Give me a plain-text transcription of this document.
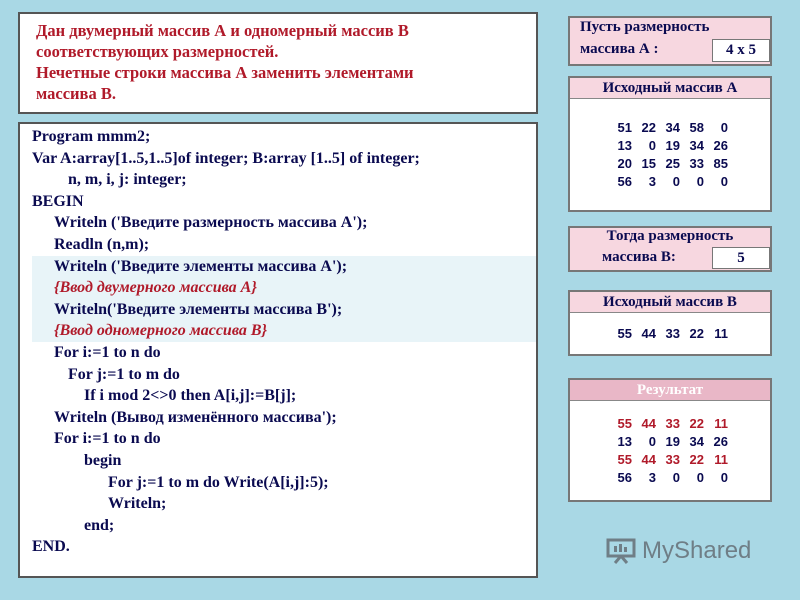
Дан двумерный массив А и одномерный массив В
соответствующих размерностей.
Нечетные строки массива А заменить элементами
массива В.
Program mmm2;
Var A:array[1..5,1..5]of integer; B:array [1..5] of integer;
n, m, i, j: integer;
BEGIN
Writeln ('Введите размерность массива А');
Readln (n,m);
Writeln ('Введите элементы массива А');
{Ввод двумерного массива А}
Writeln('Введите элементы массива В');
{Ввод одномерного массива В}
For i:=1 to n do
For j:=1 to m do
If i mod 2<>0 then A[i,j]:=B[j];
Writeln (Вывод изменённого массива');
For i:=1 to n do
begin
For j:=1 to m do Write(A[i,j]:5);
Writeln;
end;
END.
Пусть размерность
массива А :	4 х 5
Исходный массив А
51 22 34 58	0
13	0 19 34 26
20 15 25 33 85
56	3	0	0	0
Тогда размерность
массива В:	5
Исходный массив В
55 44 33 22 11
Результат
55 44 33 22 11
13	0 19 34 26
55 44 33 22 11
56	3	0	0	0
MyShared
